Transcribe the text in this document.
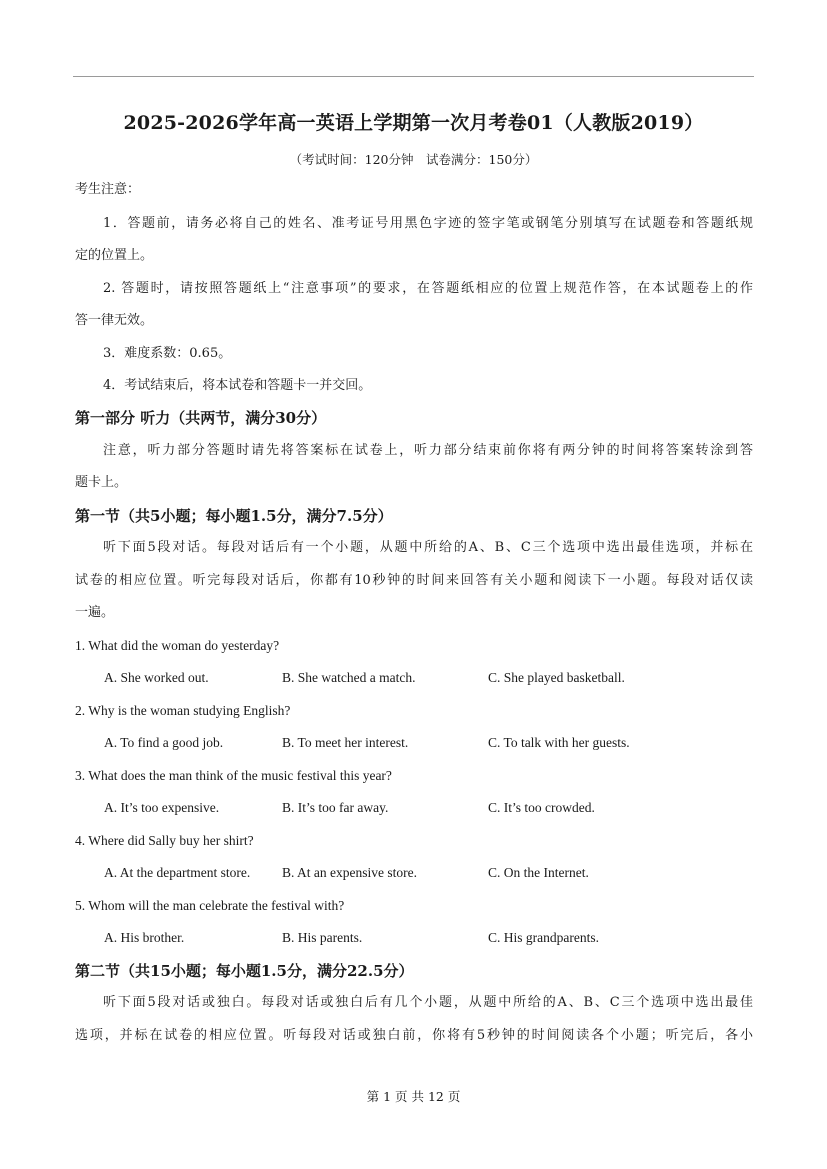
2025-2026学年高一英语上学期第一次月考卷01（人教版2019）
（考试时间：120分钟　试卷满分：150分）
考生注意：
1．答题前，请务必将自己的姓名、准考证号用黑色字迹的签字笔或钢笔分别填写在试题卷和答题纸规
定的位置上。
2. 答题时，请按照答题纸上“注意事项”的要求，在答题纸相应的位置上规范作答，在本试题卷上的作
答一律无效。
3．难度系数：0.65。
4．考试结束后，将本试卷和答题卡一并交回。
第一部分 听力（共两节，满分30分）
注意，听力部分答题时请先将答案标在试卷上，听力部分结束前你将有两分钟的时间将答案转涂到答
题卡上。
第一节（共5小题；每小题1.5分，满分7.5分）
听下面5段对话。每段对话后有一个小题，从题中所给的A、B、C三个选项中选出最佳选项，并标在
试卷的相应位置。听完每段对话后，你都有10秒钟的时间来回答有关小题和阅读下一小题。每段对话仅读
一遍。
1. What did the woman do yesterday?
A. She worked out.	B. She watched a match.	C. She played basketball.
2. Why is the woman studying English?
A. To find a good job.	B. To meet her interest.	C. To talk with her guests.
3. What does the man think of the music festival this year?
A. It’s too expensive.	B. It’s too far away.	C. It’s too crowded.
4. Where did Sally buy her shirt?
A. At the department store. B. At an expensive store.	C. On the Internet.
5. Whom will the man celebrate the festival with?
A. His brother.	B. His parents.	C. His grandparents.
第二节（共15小题；每小题1.5分，满分22.5分）
听下面5段对话或独白。每段对话或独白后有几个小题，从题中所给的A、B、C三个选项中选出最佳
选项，并标在试卷的相应位置。听每段对话或独白前，你将有5秒钟的时间阅读各个小题；听完后，各小
第 1 页 共 12 页
